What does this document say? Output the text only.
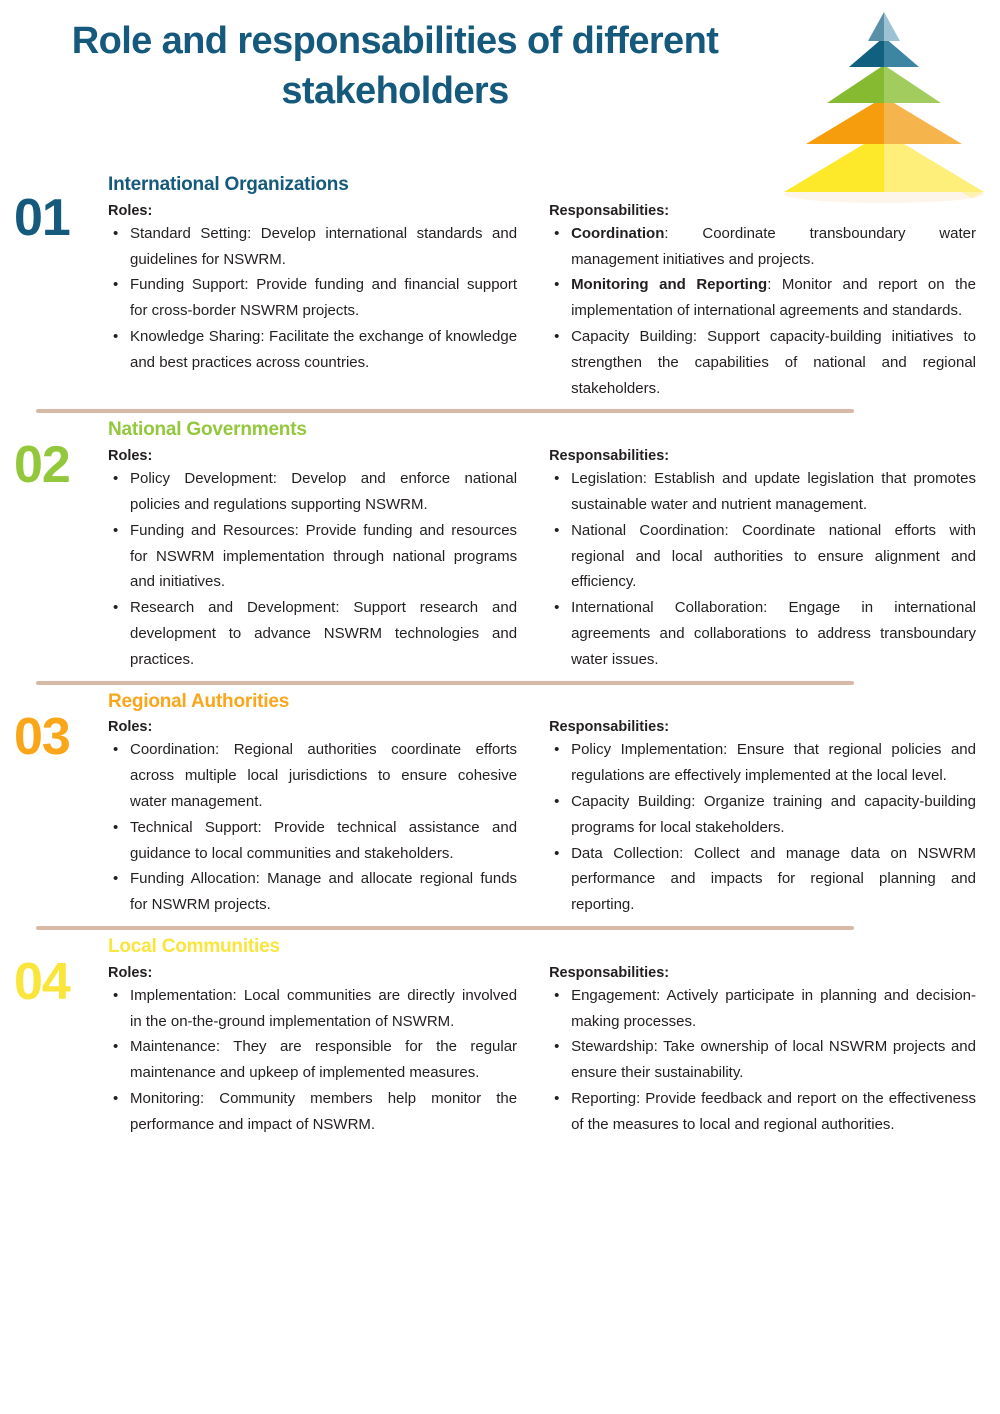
Role and responsabilities of different stakeholders
01
International Organizations
Roles:
• Standard Setting: Develop international standards and guidelines for NSWRM.
• Funding Support: Provide funding and financial support for cross-border NSWRM projects.
• Knowledge Sharing: Facilitate the exchange of knowledge and best practices across countries.
Responsabilities:
• Coordination: Coordinate transboundary water management initiatives and projects.
• Monitoring and Reporting: Monitor and report on the implementation of international agreements and standards.
• Capacity Building: Support capacity-building initiatives to strengthen the capabilities of national and regional stakeholders.
02
National Governments
Roles:
• Policy Development: Develop and enforce national policies and regulations supporting NSWRM.
• Funding and Resources: Provide funding and resources for NSWRM implementation through national programs and initiatives.
• Research and Development: Support research and development to advance NSWRM technologies and practices.
Responsabilities:
• Legislation: Establish and update legislation that promotes sustainable water and nutrient management.
• National Coordination: Coordinate national efforts with regional and local authorities to ensure alignment and efficiency.
• International Collaboration: Engage in international agreements and collaborations to address transboundary water issues.
03
Regional Authorities
Roles:
• Coordination: Regional authorities coordinate efforts across multiple local jurisdictions to ensure cohesive water management.
• Technical Support: Provide technical assistance and guidance to local communities and stakeholders.
• Funding Allocation: Manage and allocate regional funds for NSWRM projects.
Responsabilities:
• Policy Implementation: Ensure that regional policies and regulations are effectively implemented at the local level.
• Capacity Building: Organize training and capacity-building programs for local stakeholders.
• Data Collection: Collect and manage data on NSWRM performance and impacts for regional planning and reporting.
04
Local Communities
Roles:
• Implementation: Local communities are directly involved in the on-the-ground implementation of NSWRM.
• Maintenance: They are responsible for the regular maintenance and upkeep of implemented measures.
• Monitoring: Community members help monitor the performance and impact of NSWRM.
Responsabilities:
• Engagement: Actively participate in planning and decision-making processes.
• Stewardship: Take ownership of local NSWRM projects and ensure their sustainability.
• Reporting: Provide feedback and report on the effectiveness of the measures to local and regional authorities.
